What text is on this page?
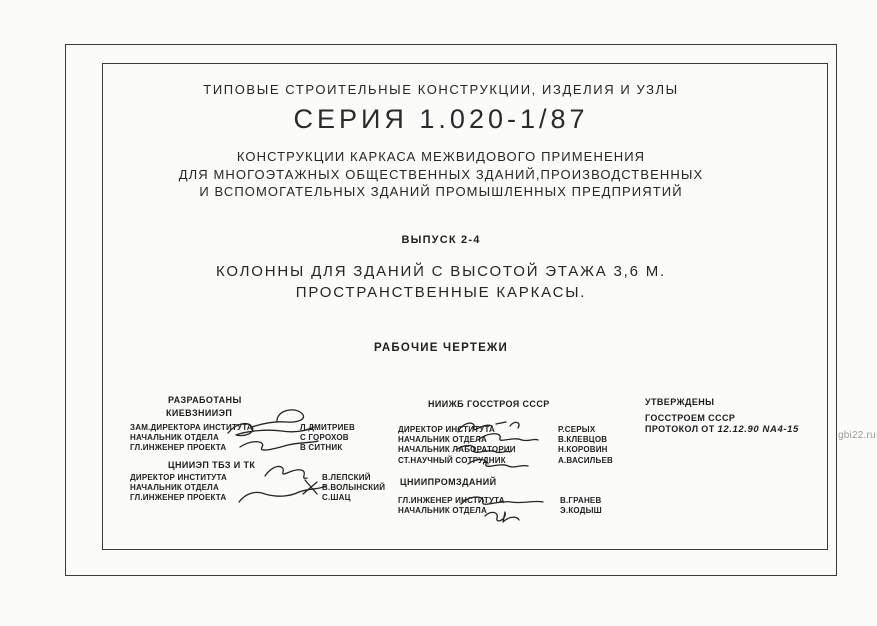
ТИПОВЫЕ СТРОИТЕЛЬНЫЕ КОНСТРУКЦИИ, ИЗДЕЛИЯ И УЗЛЫ
СЕРИЯ 1.020-1/87
КОНСТРУКЦИИ КАРКАСА МЕЖВИДОВОГО ПРИМЕНЕНИЯ
ДЛЯ МНОГОЭТАЖНЫХ ОБЩЕСТВЕННЫХ ЗДАНИЙ,ПРОИЗВОДСТВЕННЫХ
И ВСПОМОГАТЕЛЬНЫХ ЗДАНИЙ ПРОМЫШЛЕННЫХ ПРЕДПРИЯТИЙ
ВЫПУСК 2-4
КОЛОННЫ ДЛЯ ЗДАНИЙ С ВЫСОТОЙ ЭТАЖА 3,6 М.
ПРОСТРАНСТВЕННЫЕ КАРКАСЫ.
РАБОЧИЕ ЧЕРТЕЖИ
РАЗРАБОТАНЫ
КИЕВЗНИИЭП
ЗАМ.ДИРЕКТОРА ИНСТИТУТА
НАЧАЛЬНИК ОТДЕЛА
ГЛ.ИНЖЕНЕР ПРОЕКТА
Л.ДМИТРИЕВ
С ГОРОХОВ
В СИТНИК
ЦНИИЭП ТБЗ И ТК
ДИРЕКТОР ИНСТИТУТА
НАЧАЛЬНИК ОТДЕЛА
ГЛ.ИНЖЕНЕР ПРОЕКТА
В.ЛЕПСКИЙ
В.ВОЛЫНСКИЙ
С.ШАЦ
НИИЖБ ГОССТРОЯ СССР
ДИРЕКТОР ИНСТИТУТА
НАЧАЛЬНИК ОТДЕЛА
НАЧАЛЬНИК ЛАБОРАТОРИИ
СТ.НАУЧНЫЙ СОТРУДНИК
Р.СЕРЫХ
В.КЛЕВЦОВ
Н.КОРОВИН
А.ВАСИЛЬЕВ
ЦНИИПРОМЗДАНИЙ
ГЛ.ИНЖЕНЕР ИНСТИТУТА
НАЧАЛЬНИК ОТДЕЛА
В.ГРАНЕВ
Э.КОДЫШ
УТВЕРЖДЕНЫ
ГОССТРОЕМ СССР
ПРОТОКОЛ ОТ 12.12.90 NА4-15
gbi22.ru
